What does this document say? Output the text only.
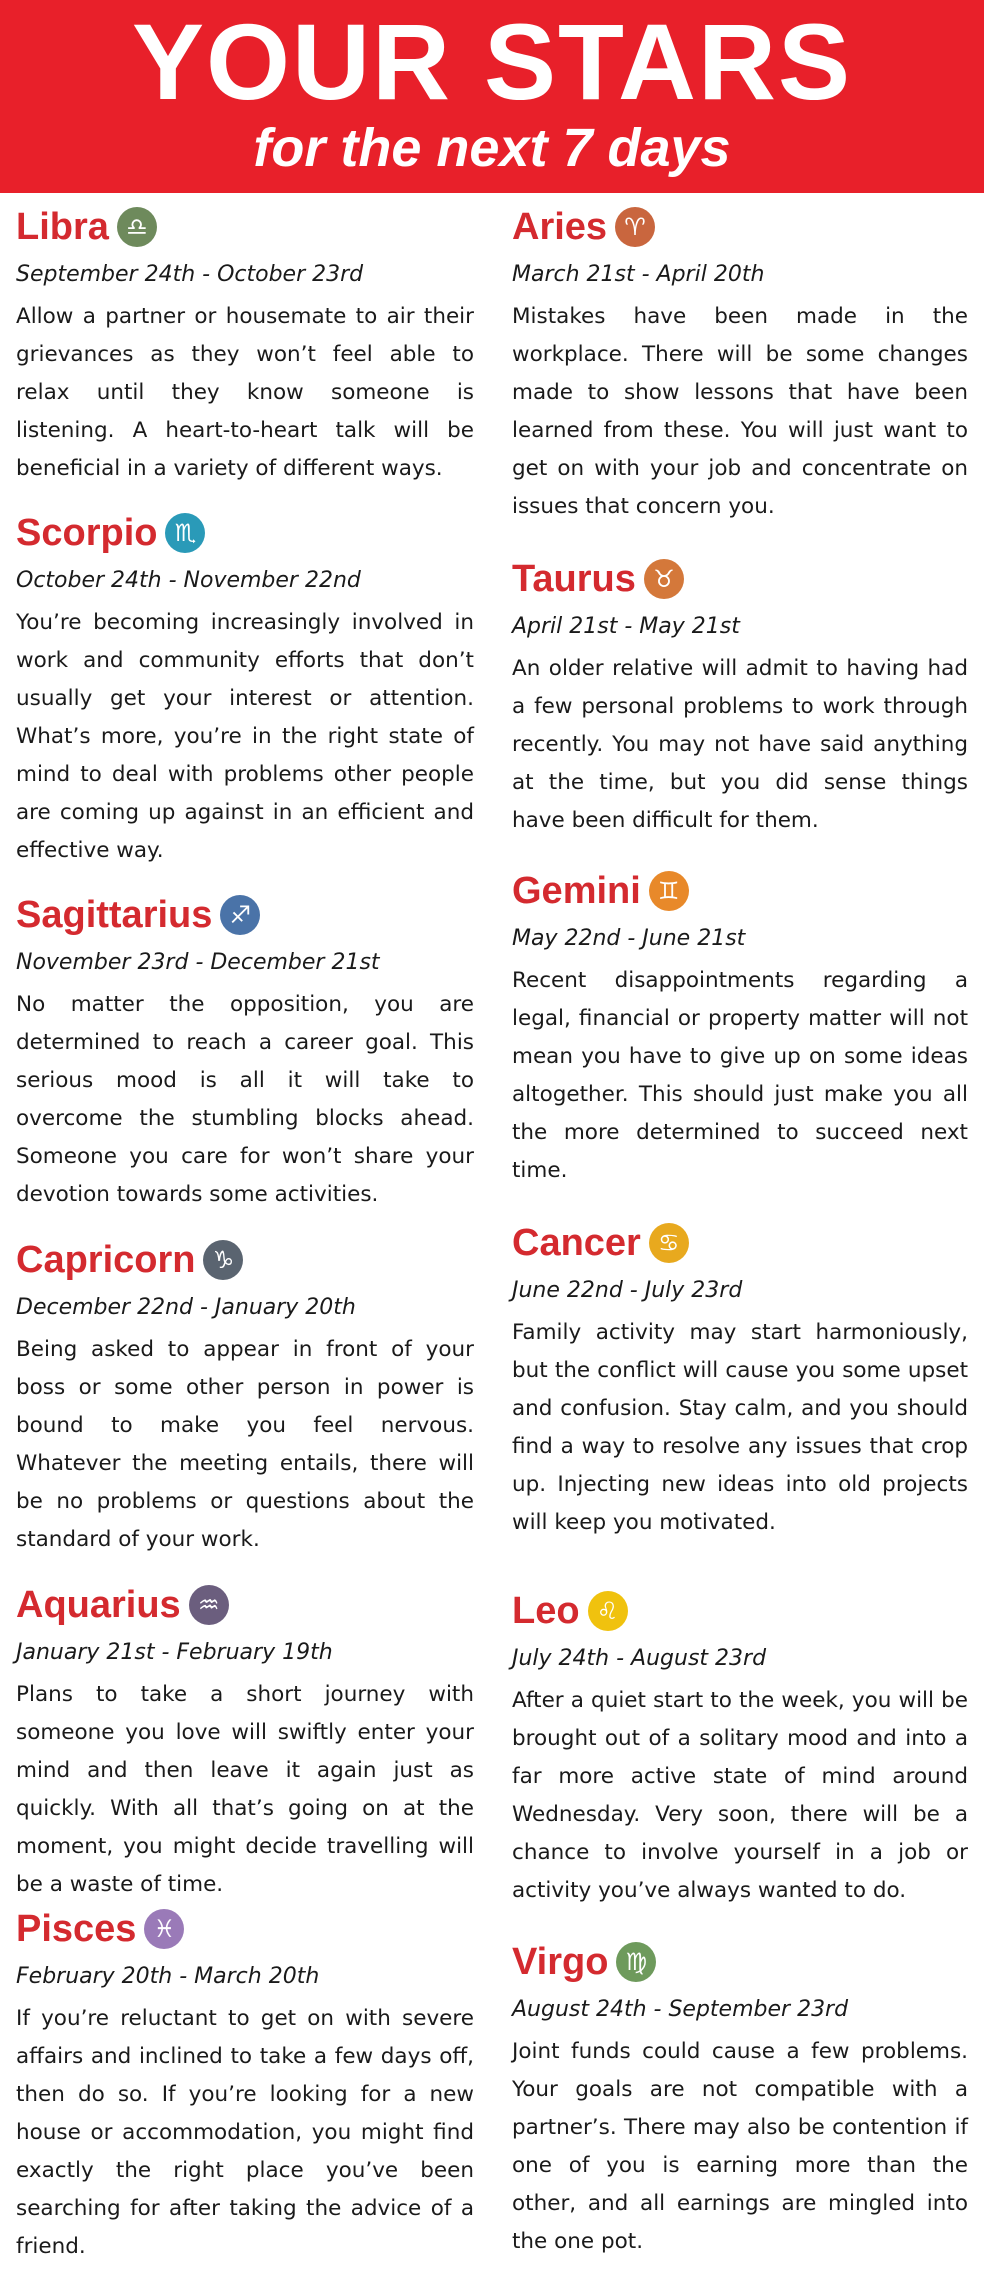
YOUR STARS
for the next 7 days
Libra ♎
September 24th - October 23rd
Allow a partner or housemate to air their grievances as they won’t feel able to relax until they know someone is listening. A heart-to-heart talk will be beneficial in a variety of different ways.
Scorpio ♏
October 24th - November 22nd
You’re becoming increasingly involved in work and community efforts that don’t usually get your interest or attention. What’s more, you’re in the right state of mind to deal with problems other people are coming up against in an efficient and effective way.
Sagittarius ♐
November 23rd - December 21st
No matter the opposition, you are determined to reach a career goal. This serious mood is all it will take to overcome the stumbling blocks ahead. Someone you care for won’t share your devotion towards some activities.
Capricorn ♑
December 22nd - January 20th
Being asked to appear in front of your boss or some other person in power is bound to make you feel nervous. Whatever the meeting entails, there will be no problems or questions about the standard of your work.
Aquarius ♒
January 21st - February 19th
Plans to take a short journey with someone you love will swiftly enter your mind and then leave it again just as quickly. With all that’s going on at the moment, you might decide travelling will be a waste of time.
Pisces ♓
February 20th - March 20th
If you’re reluctant to get on with severe affairs and inclined to take a few days off, then do so. If you’re looking for a new house or accommodation, you might find exactly the right place you’ve been searching for after taking the advice of a friend.
Aries ♈
March 21st - April 20th
Mistakes have been made in the workplace. There will be some changes made to show lessons that have been learned from these. You will just want to get on with your job and concentrate on issues that concern you.
Taurus ♉
April 21st - May 21st
An older relative will admit to having had a few personal problems to work through recently. You may not have said anything at the time, but you did sense things have been difficult for them.
Gemini ♊
May 22nd - June 21st
Recent disappointments regarding a legal, financial or property matter will not mean you have to give up on some ideas altogether. This should just make you all the more determined to succeed next time.
Cancer ♋
June 22nd - July 23rd
Family activity may start harmoniously, but the conflict will cause you some upset and confusion. Stay calm, and you should find a way to resolve any issues that crop up. Injecting new ideas into old projects will keep you motivated.
Leo ♌
July 24th - August 23rd
After a quiet start to the week, you will be brought out of a solitary mood and into a far more active state of mind around Wednesday. Very soon, there will be a chance to involve yourself in a job or activity you’ve always wanted to do.
Virgo ♍
August 24th - September 23rd
Joint funds could cause a few problems. Your goals are not compatible with a partner’s. There may also be contention if one of you is earning more than the other, and all earnings are mingled into the one pot.
